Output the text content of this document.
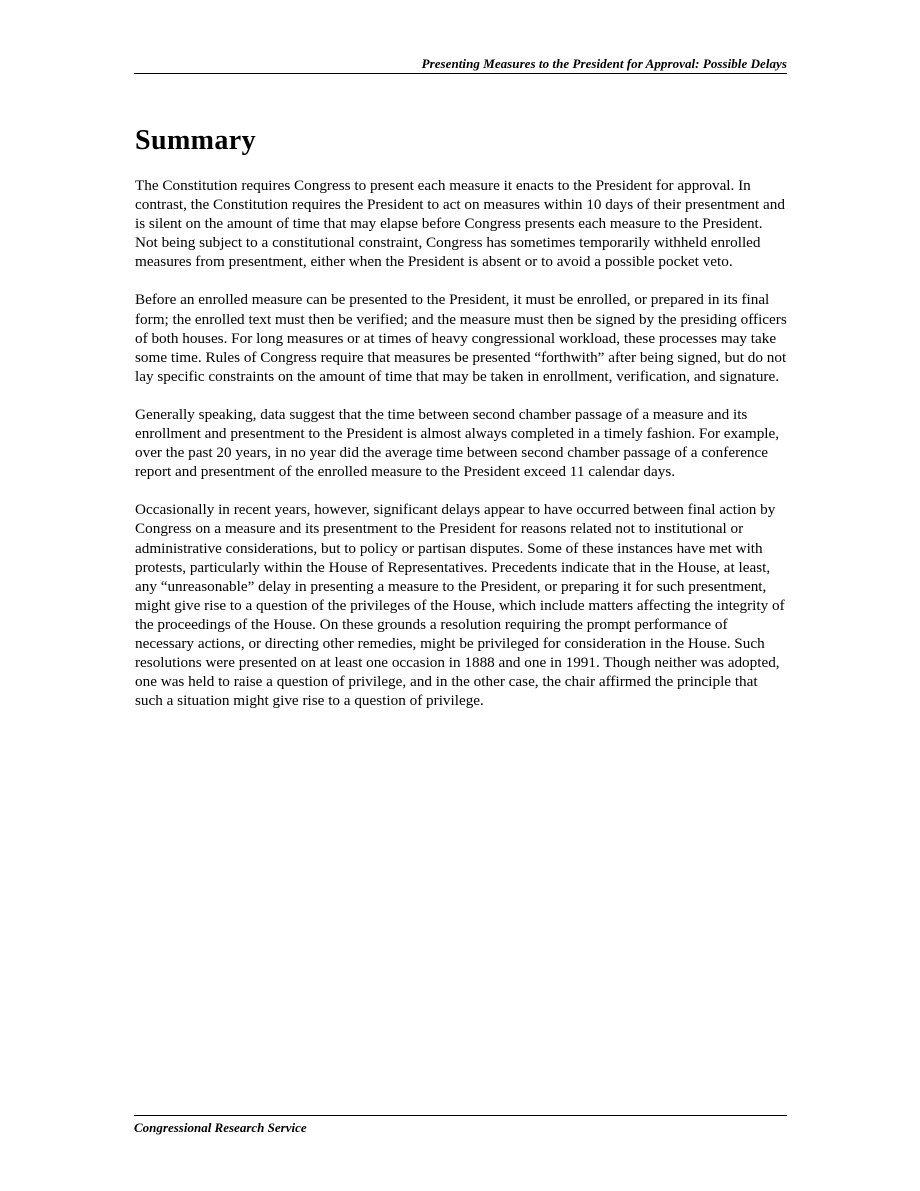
Presenting Measures to the President for Approval: Possible Delays
Summary

The Constitution requires Congress to present each measure it enacts to the President for approval. In contrast, the Constitution requires the President to act on measures within 10 days of their presentment and is silent on the amount of time that may elapse before Congress presents each measure to the President. Not being subject to a constitutional constraint, Congress has sometimes temporarily withheld enrolled measures from presentment, either when the President is absent or to avoid a possible pocket veto.

Before an enrolled measure can be presented to the President, it must be enrolled, or prepared in its final form; the enrolled text must then be verified; and the measure must then be signed by the presiding officers of both houses. For long measures or at times of heavy congressional workload, these processes may take some time. Rules of Congress require that measures be presented “forthwith” after being signed, but do not lay specific constraints on the amount of time that may be taken in enrollment, verification, and signature.

Generally speaking, data suggest that the time between second chamber passage of a measure and its enrollment and presentment to the President is almost always completed in a timely fashion. For example, over the past 20 years, in no year did the average time between second chamber passage of a conference report and presentment of the enrolled measure to the President exceed 11 calendar days.

Occasionally in recent years, however, significant delays appear to have occurred between final action by Congress on a measure and its presentment to the President for reasons related not to institutional or administrative considerations, but to policy or partisan disputes. Some of these instances have met with protests, particularly within the House of Representatives. Precedents indicate that in the House, at least, any “unreasonable” delay in presenting a measure to the President, or preparing it for such presentment, might give rise to a question of the privileges of the House, which include matters affecting the integrity of the proceedings of the House. On these grounds a resolution requiring the prompt performance of necessary actions, or directing other remedies, might be privileged for consideration in the House. Such resolutions were presented on at least one occasion in 1888 and one in 1991. Though neither was adopted, one was held to raise a question of privilege, and in the other case, the chair affirmed the principle that such a situation might give rise to a question of privilege.

Congressional Research Service
